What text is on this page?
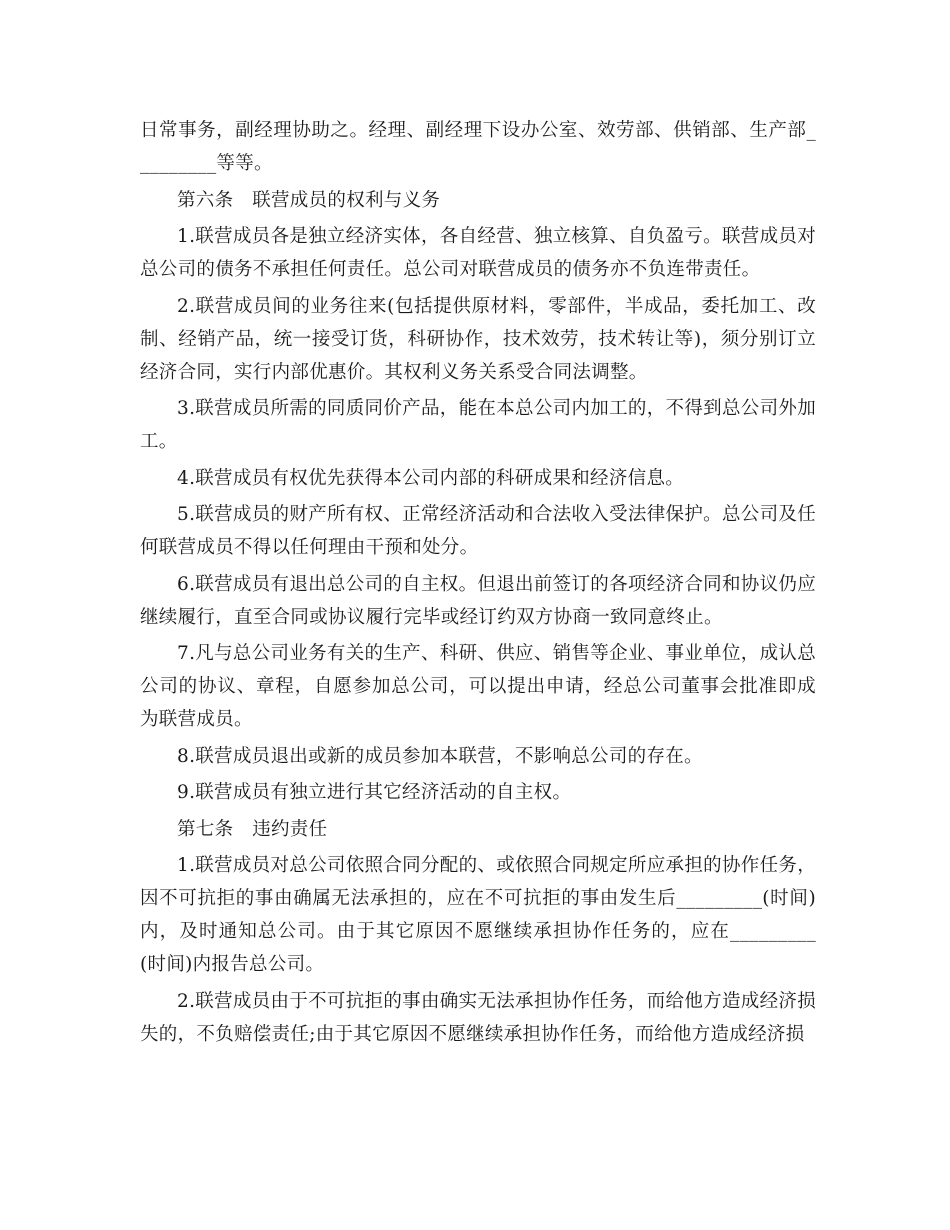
日常事务，副经理协助之。经理、副经理下设办公室、效劳部、供销部、生产部_________等等。

第六条　联营成员的权利与义务

1.联营成员各是独立经济实体，各自经营、独立核算、自负盈亏。联营成员对总公司的债务不承担任何责任。总公司对联营成员的债务亦不负连带责任。

2.联营成员间的业务往来(包括提供原材料，零部件，半成品，委托加工、改制、经销产品，统一接受订货，科研协作，技术效劳，技术转让等)，须分别订立经济合同，实行内部优惠价。其权利义务关系受合同法调整。

3.联营成员所需的同质同价产品，能在本总公司内加工的，不得到总公司外加工。

4.联营成员有权优先获得本公司内部的科研成果和经济信息。

5.联营成员的财产所有权、正常经济活动和合法收入受法律保护。总公司及任何联营成员不得以任何理由干预和处分。

6.联营成员有退出总公司的自主权。但退出前签订的各项经济合同和协议仍应继续履行，直至合同或协议履行完毕或经订约双方协商一致同意终止。

7.凡与总公司业务有关的生产、科研、供应、销售等企业、事业单位，成认总公司的协议、章程，自愿参加总公司，可以提出申请，经总公司董事会批准即成为联营成员。

8.联营成员退出或新的成员参加本联营，不影响总公司的存在。

9.联营成员有独立进行其它经济活动的自主权。

第七条　违约责任

1.联营成员对总公司依照合同分配的、或依照合同规定所应承担的协作任务，因不可抗拒的事由确属无法承担的，应在不可抗拒的事由发生后_________(时间)内，及时通知总公司。由于其它原因不愿继续承担协作任务的，应在_________(时间)内报告总公司。

2.联营成员由于不可抗拒的事由确实无法承担协作任务，而给他方造成经济损失的，不负赔偿责任;由于其它原因不愿继续承担协作任务，而给他方造成经济损
